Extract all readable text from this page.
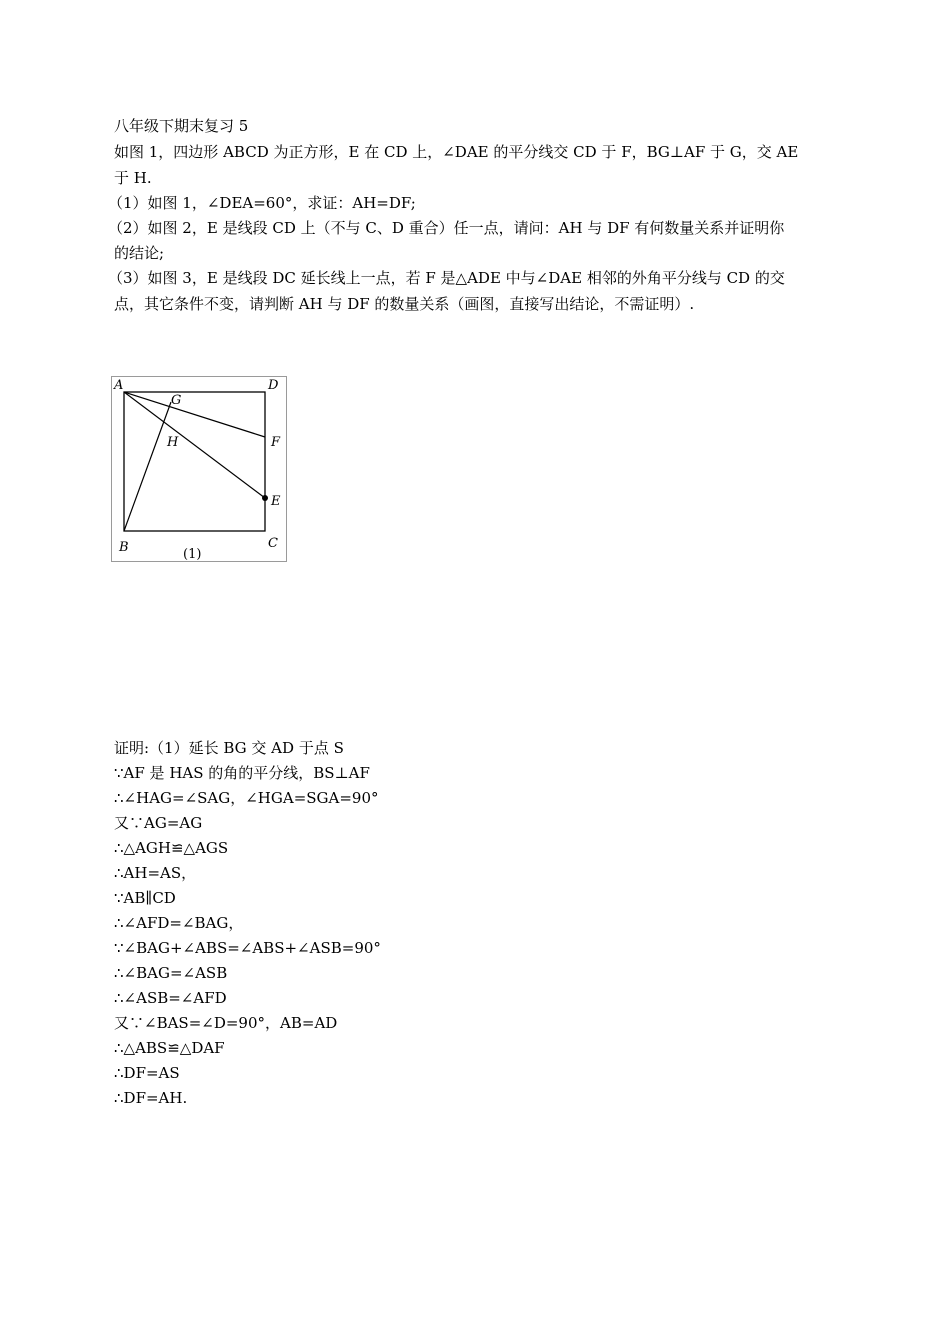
八年级下期末复习 5
如图 1，四边形 ABCD 为正方形，E 在 CD 上，∠DAE 的平分线交 CD 于 F，BG⊥AF 于 G，交 AE
于 H.
（1）如图 1，∠DEA=60°，求证：AH=DF;
（2）如图 2，E 是线段 CD 上（不与 C、D 重合）任一点，请问：AH 与 DF 有何数量关系并证明你
的结论;
（3）如图 3，E 是线段 DC 延长线上一点，若 F 是△ADE 中与∠DAE 相邻的外角平分线与 CD 的交
点，其它条件不变，请判断 AH 与 DF 的数量关系（画图，直接写出结论，不需证明）.
A	D
G
H	F
E
B	C
(1)
证明:（1）延长 BG 交 AD 于点 S
∵AF 是 HAS 的角的平分线，BS⊥AF
∴∠HAG=∠SAG，∠HGA=SGA=90°
又∵AG=AG
∴△AGH≌△AGS
∴AH=AS，
∵AB∥CD
∴∠AFD=∠BAG，
∵∠BAG+∠ABS=∠ABS+∠ASB=90°
∴∠BAG=∠ASB
∴∠ASB=∠AFD
又∵∠BAS=∠D=90°，AB=AD
∴△ABS≌△DAF
∴DF=AS
∴DF=AH.
